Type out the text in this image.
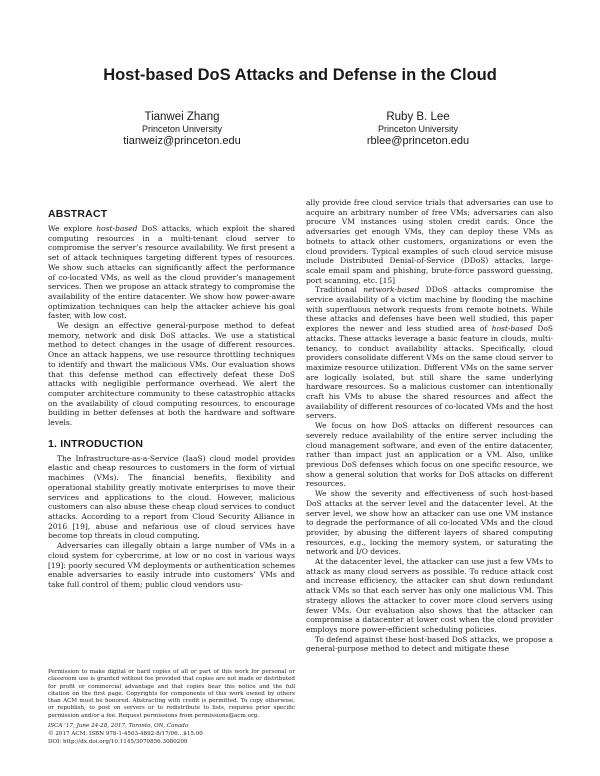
Host-based DoS Attacks and Defense in the Cloud
Tianwei Zhang
Princeton University
tianweiz@princeton.edu
Ruby B. Lee
Princeton University
rblee@princeton.edu
ABSTRACT

We explore host-based DoS attacks, which exploit the shared computing resources in a multi-tenant cloud server to compromise the server’s resource availability. We first present a set of attack techniques targeting different types of resources. We show such attacks can significantly affect the performance of co-located VMs, as well as the cloud provider’s management services. Then we propose an attack strategy to compromise the availability of the entire datacenter. We show how power-aware optimization techniques can help the attacker achieve his goal faster, with low cost.

We design an effective general-purpose method to defeat memory, network and disk DoS attacks. We use a statistical method to detect changes in the usage of different resources. Once an attack happens, we use resource throttling techniques to identify and thwart the malicious VMs. Our evaluation shows that this defense method can effectively defeat these DoS attacks with negligible performance overhead. We alert the computer architecture community to these catastrophic attacks on the availability of cloud computing resources, to encourage building in better defenses at both the hardware and software levels.

1. INTRODUCTION

The Infrastructure-as-a-Service (IaaS) cloud model provides elastic and cheap resources to customers in the form of virtual machines (VMs). The financial benefits, flexibility and operational stability greatly motivate enterprises to move their services and applications to the cloud. However, malicious customers can also abuse these cheap cloud services to conduct attacks. According to a report from Cloud Security Alliance in 2016 [19], abuse and nefarious use of cloud services have become top threats in cloud computing.

Adversaries can illegally obtain a large number of VMs in a cloud system for cybercrime, at low or no cost in various ways [19]: poorly secured VM deployments or authentication schemes enable adversaries to easily intrude into customers’ VMs and take full control of them; public cloud vendors usu-

Permission to make digital or hard copies of all or part of this work for personal or classroom use is granted without fee provided that copies are not made or distributed for profit or commercial advantage and that copies bear this notice and the full citation on the first page. Copyrights for components of this work owned by others than ACM must be honored. Abstracting with credit is permitted. To copy otherwise, or republish, to post on servers or to redistribute to lists, requires prior specific permission and/or a fee. Request permissions from permissions@acm.org.

ISCA ’17, June 24-28, 2017, Toronto, ON, Canada
© 2017 ACM. ISBN 978-1-4503-4892-8/17/06…$15.00
DOI: http://dx.doi.org/10.1145/3079856.3080209

ally provide free cloud service trials that adversaries can use to acquire an arbitrary number of free VMs; adversaries can also procure VM instances using stolen credit cards. Once the adversaries get enough VMs, they can deploy these VMs as botnets to attack other customers, organizations or even the cloud providers. Typical examples of such cloud service misuse include Distributed Denial-of-Service (DDoS) attacks, large-scale email spam and phishing, brute-force password guessing, port scanning, etc. [15]

Traditional network-based DDoS attacks compromise the service availability of a victim machine by flooding the machine with superfluous network requests from remote botnets. While these attacks and defenses have been well studied, this paper explores the newer and less studied area of host-based DoS attacks. These attacks leverage a basic feature in clouds, multi-tenancy, to conduct availability attacks. Specifically, cloud providers consolidate different VMs on the same cloud server to maximize resource utilization. Different VMs on the same server are logically isolated, but still share the same underlying hardware resources. So a malicious customer can intentionally craft his VMs to abuse the shared resources and affect the availability of different resources of co-located VMs and the host servers.

We focus on how DoS attacks on different resources can severely reduce availability of the entire server including the cloud management software, and even of the entire datacenter, rather than impact just an application or a VM. Also, unlike previous DoS defenses which focus on one specific resource, we show a general solution that works for DoS attacks on different resources.

We show the severity and effectiveness of such host-based DoS attacks at the server level and the datacenter level. At the server level, we show how an attacker can use one VM instance to degrade the performance of all co-located VMs and the cloud provider, by abusing the different layers of shared computing resources, e.g., locking the memory system, or saturating the network and I/O devices.

At the datacenter level, the attacker can use just a few VMs to attack as many cloud servers as possible. To reduce attack cost and increase efficiency, the attacker can shut down redundant attack VMs so that each server has only one malicious VM. This strategy allows the attacker to cover more cloud servers using fewer VMs. Our evaluation also shows that the attacker can compromise a datacenter at lower cost when the cloud provider employs more power-efficient scheduling policies.

To defend against these host-based DoS attacks, we propose a general-purpose method to detect and mitigate these
